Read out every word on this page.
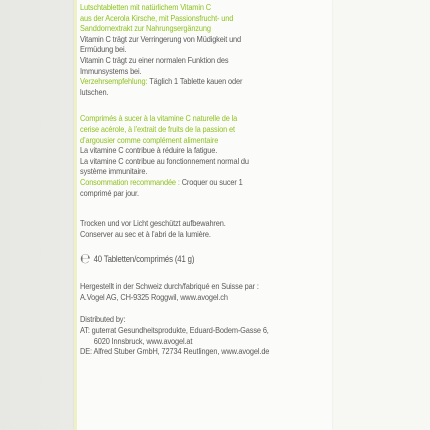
Lutschtabletten mit natürlichem Vitamin C

aus der Acerola Kirsche, mit Passionsfrucht- und

Sanddornextrakt zur Nahrungsergänzung

Vitamin C trägt zur Verringerung von Müdigkeit und

Ermüdung bei.

Vitamin C trägt zu einer normalen Funktion des

Immunsystems bei.

Verzehrsempfehlung: Täglich 1 Tablette kauen oder

lutschen.

Comprimés à sucer à la vitamine C naturelle de la

cerise acérole, à l’extrait de fruits de la passion et

d’argousier comme complément alimentaire

La vitamine C contribue à réduire la fatigue.

La vitamine C contribue au fonctionnement normal du

système immunitaire.

Consommation recommandée : Croquer ou sucer 1

comprimé par jour.

Trocken und vor Licht geschützt aufbewahren.

Conserver au sec et à l’abri de la lumière.

℮ 40 Tabletten/comprimés (41 g)

Hergestellt in der Schweiz durch/fabriqué en Suisse par :

A.Vogel AG, CH-9325 Roggwil, www.avogel.ch

Distributed by:

AT: guterrat Gesundheitsprodukte, Eduard-Bodem-Gasse 6,

6020 Innsbruck, www.avogel.at

DE: Alfred Stuber GmbH, 72734 Reutlingen, www.avogel.de
